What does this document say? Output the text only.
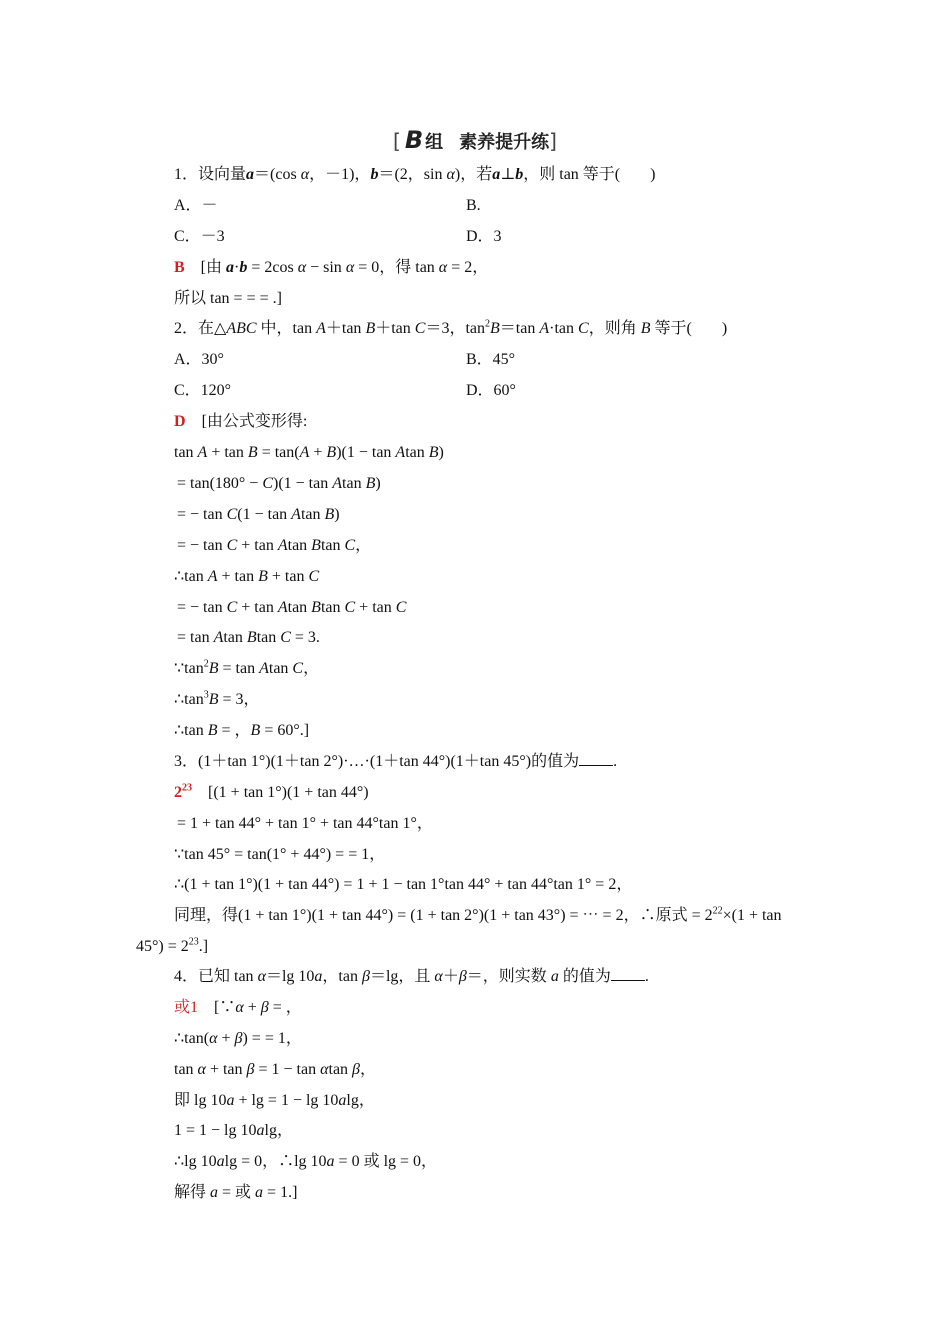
[ B 组 素养提升练]
1．设向量a＝(cos α，－1)，b＝(2，sin α)，若a⊥b，则 tan 等于( )
A．－	B.
C．－3	D．3
B　[由 a·b = 2cos α − sin α = 0，得 tan α = 2，
所以 tan = = = .]
2．在△ABC 中，tan A＋tan B＋tan C＝3，$\tan^2B=\tan$ A·tan C，则角 B 等于( )
A．30°	B．45°
C．120°	D．60°
D　 [由公式变形得:
tan A + tan B = tan(A + B)(1 − tan Atan B)
= tan(180° − C)(1 − tan Atan B)
= − tan C(1 − tan Atan B)
= − tan C + tan Atan Btan C，
∴tan A + tan B + tan C
= − tan C + tan Atan Btan C + tan C
= tan Atan Btan C = 3.
$\because\tan^2B = \tan Atan$ C，
$\therefore\tan^3B = 3$，
∴tan B = ，B = 60°.]
3．(1＋tan 1°)(1＋tan 2°)·…·(1＋tan 44°)(1＋tan 45°)的值为 .
$2^{23}$　 [(1 + tan 1°)(1 + tan 44°)
= 1 + tan 44° + tan 1° + tan 44°tan 1°，
∵tan 45° = tan(1° + 44°) = = 1，
∴(1 + tan 1°)(1 + tan 44°) = 1 + 1 − tan 1°tan 44° + tan 44°tan 1° = 2，
同理，得(1 + tan 1°)(1 + tan 44°) = (1 + tan 2°)(1 + tan 43°) = ⋯ = 2，∴原式 = $2^{22}\times(1 + \tan$
$45^\circ) = 2^{23}$.]
4．已知 tan α＝lg 10a，tan β＝lg，且 α＋β＝，则实数 a 的值为 .
或1　[∵α + β = ，
∴tan(α + β) = = 1，
tan α + tan β = 1 − tan αtan β，
即 lg 10a + lg = 1 − lg 10alg，
1 = 1 − lg 10alg，
∴lg 10alg = 0，∴lg 10a = 0 或 lg = 0，
解得 a = 或 a = 1.]
